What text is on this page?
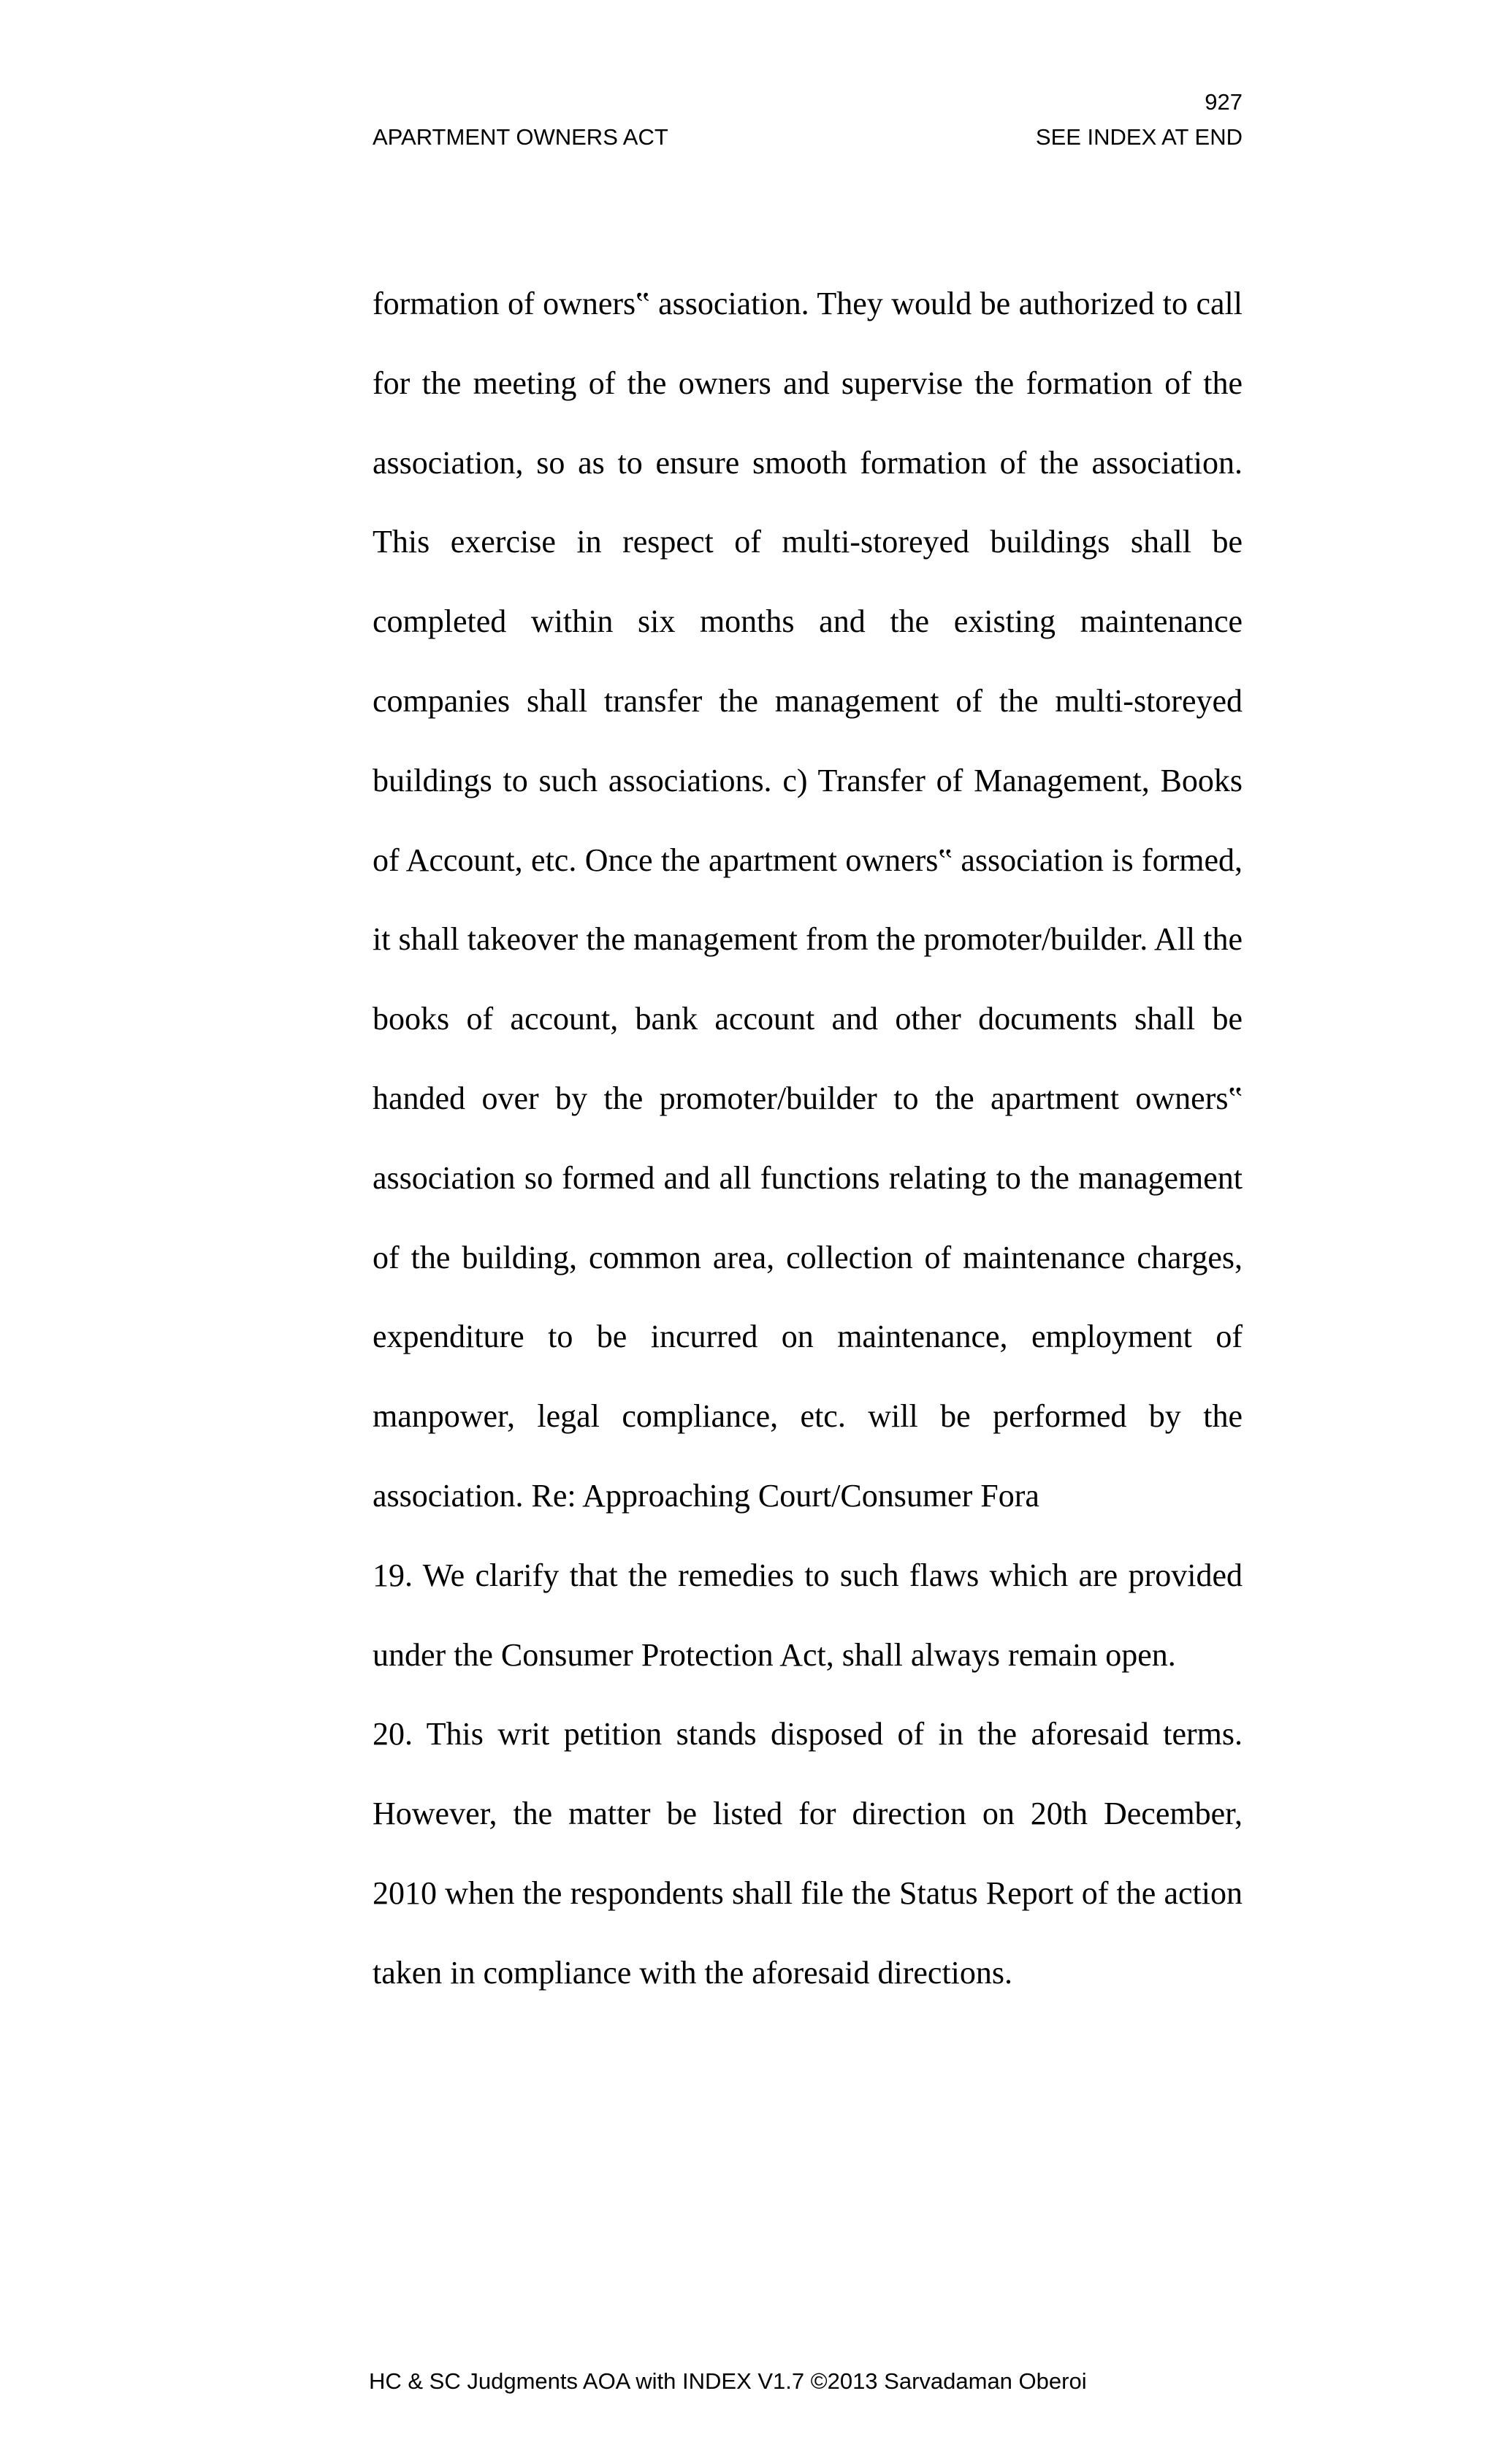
927
APARTMENT OWNERS ACT	SEE INDEX AT END

formation of owners‟ association. They would be authorized to call for the meeting of the owners and supervise the formation of the association, so as to ensure smooth formation of the association. This exercise in respect of multi-storeyed buildings shall be completed within six months and the existing maintenance companies shall transfer the management of the multi-storeyed buildings to such associations. c) Transfer of Management, Books of Account, etc. Once the apartment owners‟ association is formed, it shall takeover the management from the promoter/builder. All the books of account, bank account and other documents shall be handed over by the promoter/builder to the apartment owners‟ association so formed and all functions relating to the management of the building, common area, collection of maintenance charges, expenditure to be incurred on maintenance, employment of manpower, legal compliance, etc. will be performed by the association. Re: Approaching Court/Consumer Fora

19. We clarify that the remedies to such flaws which are provided under the Consumer Protection Act, shall always remain open.

20. This writ petition stands disposed of in the aforesaid terms. However, the matter be listed for direction on 20th December, 2010 when the respondents shall file the Status Report of the action taken in compliance with the aforesaid directions.

HC & SC Judgments AOA with INDEX V1.7 ©2013 Sarvadaman Oberoi
